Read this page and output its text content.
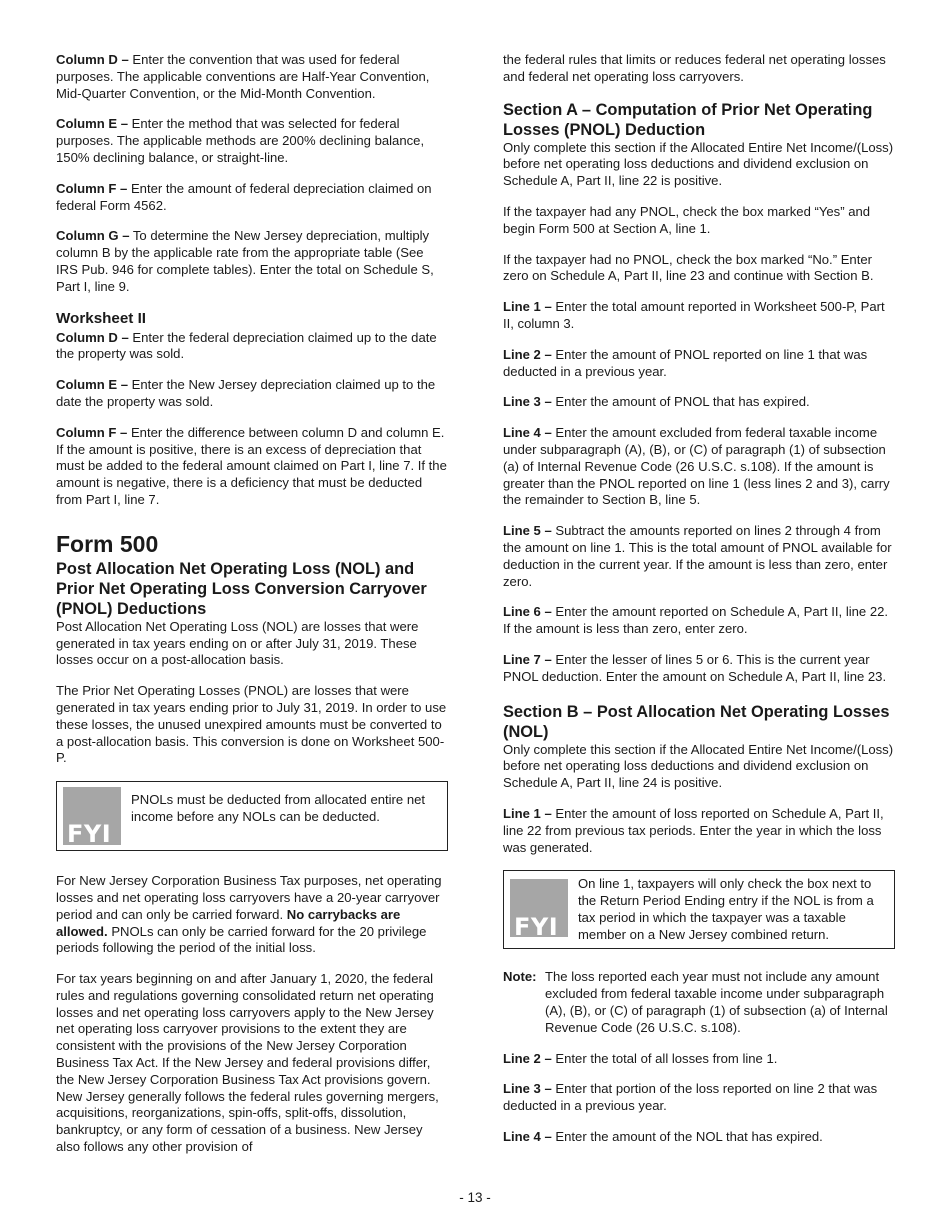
Column D – Enter the convention that was used for federal purposes. The applicable conventions are Half-Year Convention, Mid-Quarter Convention, or the Mid-Month Convention.

Column E – Enter the method that was selected for federal purposes. The applicable methods are 200% declining balance, 150% declining balance, or straight-line.

Column F – Enter the amount of federal depreciation claimed on federal Form 4562.

Column G – To determine the New Jersey depreciation, multiply column B by the applicable rate from the appropriate table (See IRS Pub. 946 for complete tables). Enter the total on Schedule S, Part I, line 9.

Worksheet II

Column D – Enter the federal depreciation claimed up to the date the property was sold.

Column E – Enter the New Jersey depreciation claimed up to the date the property was sold.

Column F – Enter the difference between column D and column E. If the amount is positive, there is an excess of depreciation that must be added to the federal amount claimed on Part I, line 7. If the amount is negative, there is a deficiency that must be deducted from Part I, line 7.

Form 500
Post Allocation Net Operating Loss (NOL) and Prior Net Operating Loss Conversion Carryover (PNOL) Deductions

Post Allocation Net Operating Loss (NOL) are losses that were generated in tax years ending on or after July 31, 2019. These losses occur on a post-allocation basis.

The Prior Net Operating Losses (PNOL) are losses that were generated in tax years ending prior to July 31, 2019. In order to use these losses, the unused unexpired amounts must be converted to a post-allocation basis. This conversion is done on Worksheet 500-P.

FYI
PNOLs must be deducted from allocated entire net income before any NOLs can be deducted.

For New Jersey Corporation Business Tax purposes, net operating losses and net operating loss carryovers have a 20-year carryover period and can only be carried forward. No carrybacks are allowed. PNOLs can only be carried forward for the 20 privilege periods following the period of the initial loss.

For tax years beginning on and after January 1, 2020, the federal rules and regulations governing consolidated return net operating losses and net operating loss carryovers apply to the New Jersey net operating loss carryover provisions to the extent they are consistent with the provisions of the New Jersey Corporation Business Tax Act. If the New Jersey and federal provisions differ, the New Jersey Corporation Business Tax Act provisions govern. New Jersey generally follows the federal rules governing mergers, acquisitions, reorganizations, spin-offs, split-offs, dissolution, bankruptcy, or any form of cessation of a business. New Jersey also follows any other provision of

the federal rules that limits or reduces federal net operating losses and federal net operating loss carryovers.

Section A – Computation of Prior Net Operating Losses (PNOL) Deduction

Only complete this section if the Allocated Entire Net Income/(Loss) before net operating loss deductions and dividend exclusion on Schedule A, Part II, line 22 is positive.

If the taxpayer had any PNOL, check the box marked “Yes” and begin Form 500 at Section A, line 1.

If the taxpayer had no PNOL, check the box marked “No.” Enter zero on Schedule A, Part II, line 23 and continue with Section B.

Line 1 – Enter the total amount reported in Worksheet 500-P, Part II, column 3.

Line 2 – Enter the amount of PNOL reported on line 1 that was deducted in a previous year.

Line 3 – Enter the amount of PNOL that has expired.

Line 4 – Enter the amount excluded from federal taxable income under subparagraph (A), (B), or (C) of paragraph (1) of subsection (a) of Internal Revenue Code (26 U.S.C. s.108). If the amount is greater than the PNOL reported on line 1 (less lines 2 and 3), carry the remainder to Section B, line 5.

Line 5 – Subtract the amounts reported on lines 2 through 4 from the amount on line 1. This is the total amount of PNOL available for deduction in the current year. If the amount is less than zero, enter zero.

Line 6 – Enter the amount reported on Schedule A, Part II, line 22. If the amount is less than zero, enter zero.

Line 7 – Enter the lesser of lines 5 or 6. This is the current year PNOL deduction. Enter the amount on Schedule A, Part II, line 23.

Section B – Post Allocation Net Operating Losses (NOL)

Only complete this section if the Allocated Entire Net Income/(Loss) before net operating loss deductions and dividend exclusion on Schedule A, Part II, line 24 is positive.

Line 1 – Enter the amount of loss reported on Schedule A, Part II, line 22 from previous tax periods. Enter the year in which the loss was generated.

FYI
On line 1, taxpayers will only check the box next to the Return Period Ending entry if the NOL is from a tax period in which the taxpayer was a taxable member on a New Jersey combined return.
Note: The loss reported each year must not include any amount excluded from federal taxable income under subparagraph (A), (B), or (C) of paragraph (1) of subsection (a) of Internal Revenue Code (26 U.S.C. s.108).

Line 2 – Enter the total of all losses from line 1.

Line 3 – Enter that portion of the loss reported on line 2 that was deducted in a previous year.

Line 4 – Enter the amount of the NOL that has expired.

- 13 -
